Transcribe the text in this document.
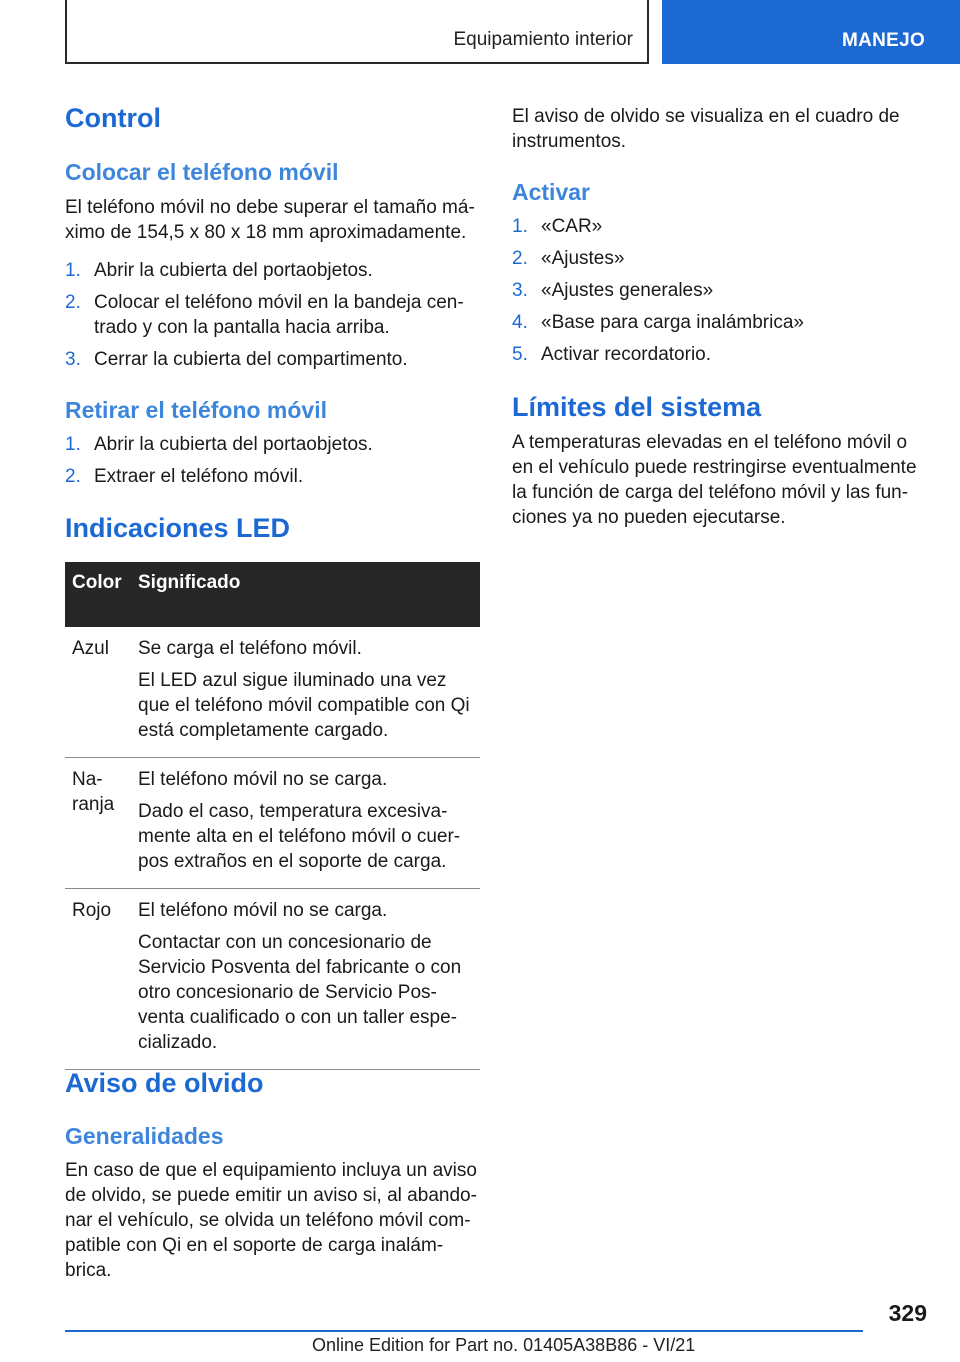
Equipamiento interior	MANEJO
Control
Colocar el teléfono móvil
El teléfono móvil no debe superar el tamaño máximo de 154,5 x 80 x 18 mm aproximadamente.
1. Abrir la cubierta del portaobjetos.
2. Colocar el teléfono móvil en la bandeja centrado y con la pantalla hacia arriba.
3. Cerrar la cubierta del compartimento.
Retirar el teléfono móvil
1. Abrir la cubierta del portaobjetos.
2. Extraer el teléfono móvil.
Indicaciones LED
Color	Significado
Azul	Se carga el teléfono móvil.
El LED azul sigue iluminado una vez que el teléfono móvil compatible con Qi está completamente cargado.

Naranja	El teléfono móvil no se carga.
Dado el caso, temperatura excesivamente alta en el teléfono móvil o cuerpos extraños en el soporte de carga.

Rojo	El teléfono móvil no se carga.
Contactar con un concesionario de Servicio Posventa del fabricante o con otro concesionario de Servicio Posventa cualificado o con un taller especializado.
Aviso de olvido
Generalidades
En caso de que el equipamiento incluya un aviso de olvido, se puede emitir un aviso si, al abandonar el vehículo, se olvida un teléfono móvil compatible con Qi en el soporte de carga inalámbrica.
El aviso de olvido se visualiza en el cuadro de instrumentos.
Activar
1. «CAR»
2. «Ajustes»
3. «Ajustes generales»
4. «Base para carga inalámbrica»
5. Activar recordatorio.
Límites del sistema
A temperaturas elevadas en el teléfono móvil o en el vehículo puede restringirse eventualmente la función de carga del teléfono móvil y las funciones ya no pueden ejecutarse.
329
Online Edition for Part no. 01405A38B86 - VI/21
